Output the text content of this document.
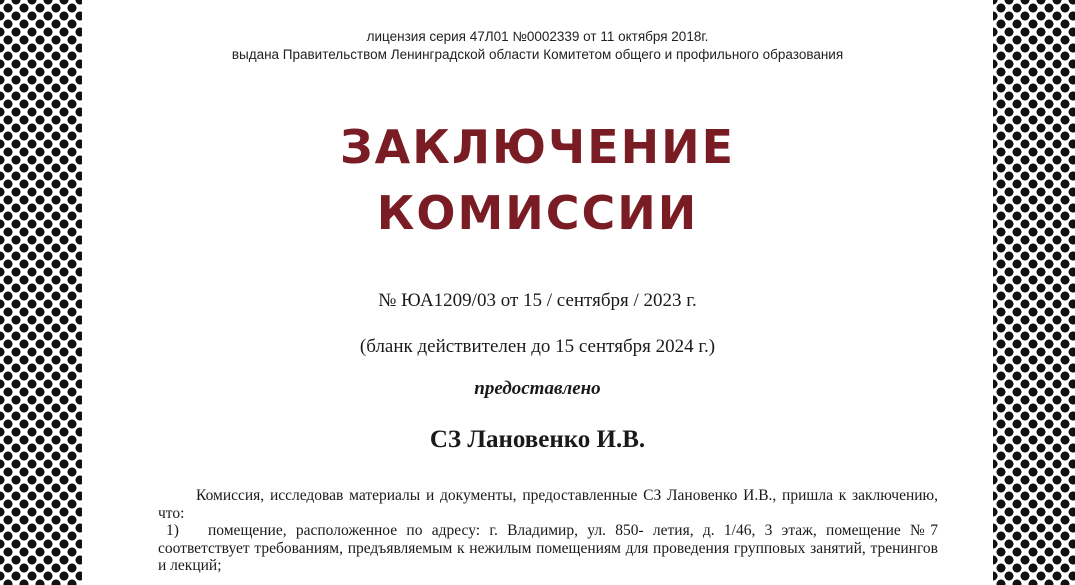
лицензия серия 47Л01 №0002339 от 11 октября 2018г.
выдана Правительством Ленинградской области Комитетом общего и профильного образования
ЗАКЛЮЧЕНИЕ
КОМИССИИ
№ ЮА1209/03 от 15 / сентября / 2023 г.
(бланк действителен до 15 сентября 2024 г.)
предоставлено
СЗ Лановенко И.В.

Комиссия, исследовав материалы и документы, предоставленные СЗ Лановенко И.В., пришла к заключению, что:

1) помещение, расположенное по адресу: г. Владимир, ул. 850- летия, д. 1/46, 3 этаж, помещение №7 соответствует требованиям, предъявляемым к нежилым помещениям для проведения групповых занятий, тренингов и лекций;
